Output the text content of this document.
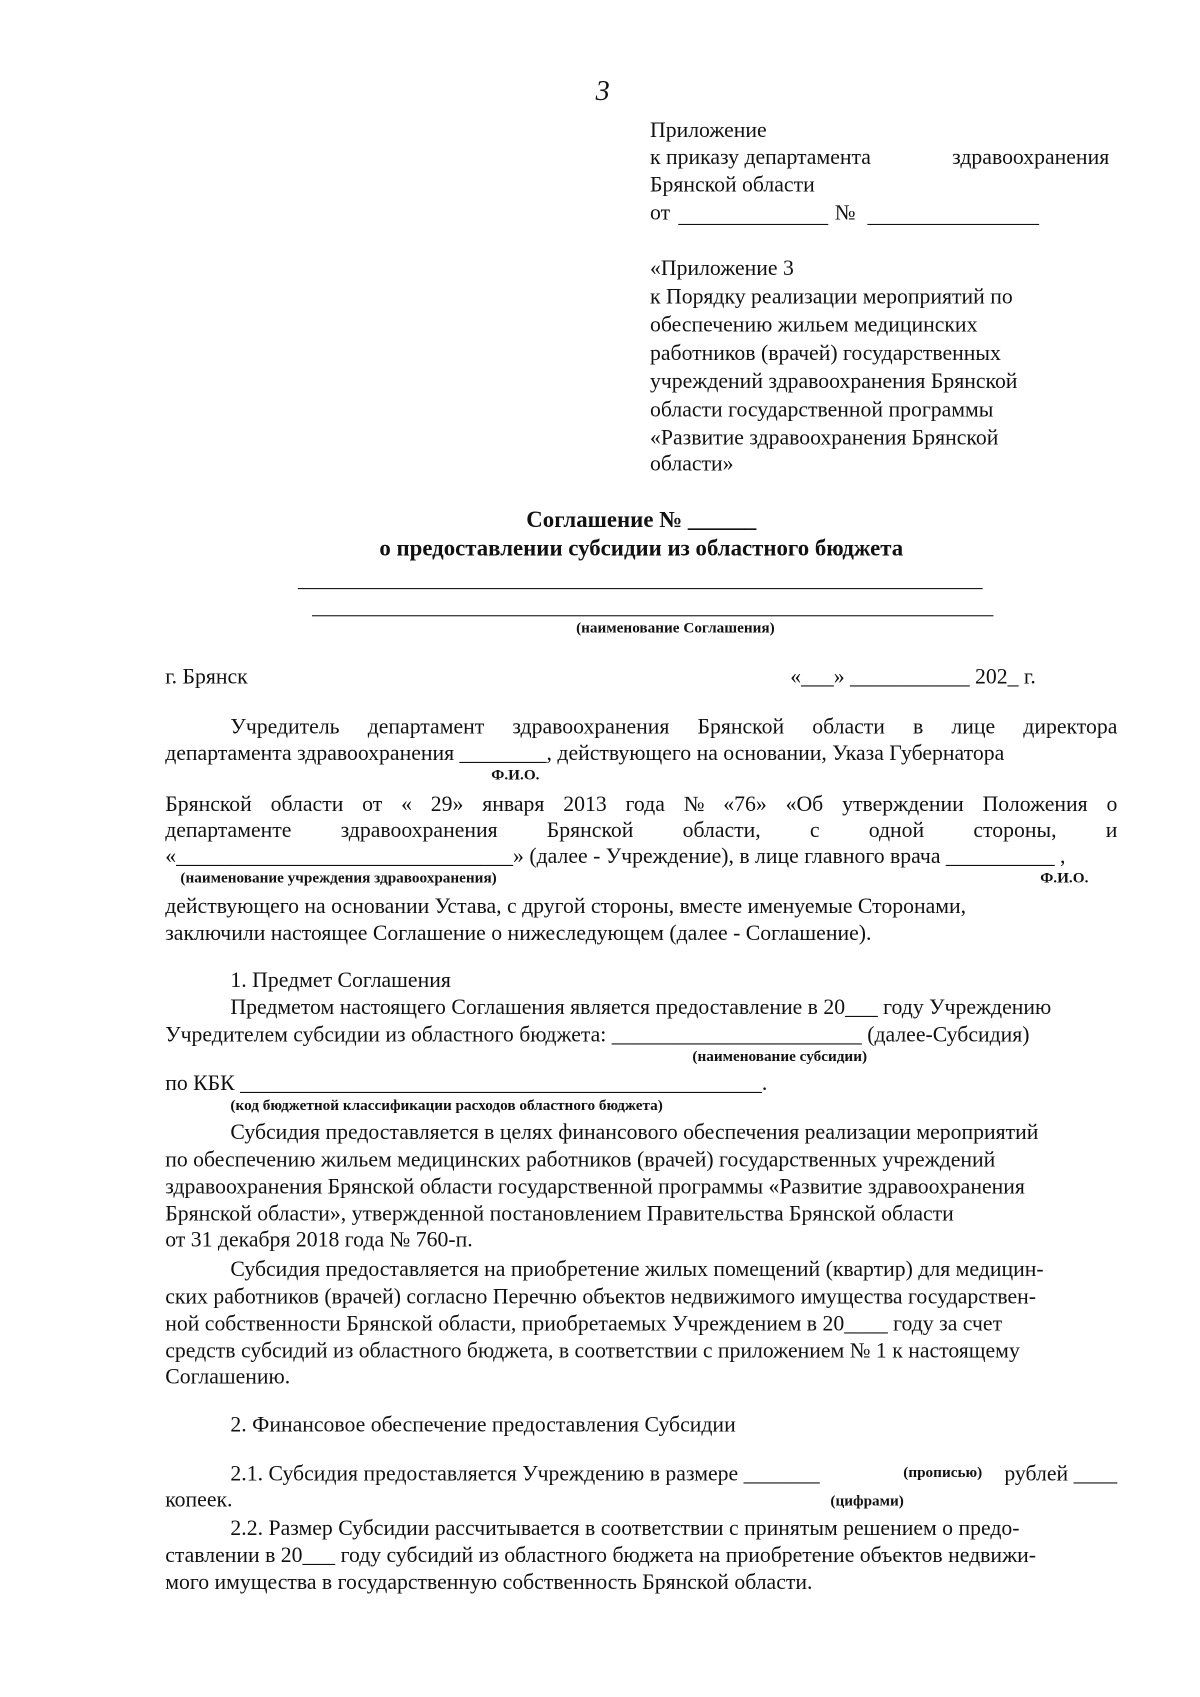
3
Приложение
к приказу департамента	здравоохранения
Брянской области
от	№
«Приложение 3
к Порядку реализации мероприятий по
обеспечению жильем медицинских
работников (врачей) государственных
учреждений здравоохранения Брянской
области государственной программы
«Развитие здравоохранения Брянской
области»
Соглашение № ______
о предоставлении субсидии из областного бюджета
(наименование Соглашения)
г. Брянск	«___» ___________ 202_ г.
Учредитель департамент здравоохранения Брянской области в лице директора
департамента здравоохранения ________, действующего на основании, Указа Губернатора
Ф.И.О.
Брянской области от « 29» января 2013 года № «76» «Об утверждении Положения о
департаменте здравоохранения Брянской области, с одной стороны, и
«_______________________________» (далее - Учреждение), в лице главного врача __________ ,
(наименование учреждения здравоохранения)	Ф.И.О.
действующего на основании Устава, с другой стороны, вместе именуемые Сторонами,
заключили настоящее Соглашение о нижеследующем (далее - Соглашение).
1. Предмет Соглашения
Предметом настоящего Соглашения является предоставление в 20___ году Учреждению
Учредителем субсидии из областного бюджета: _______________________ (далее-Субсидия)
(наименование субсидии)
по КБК ________________________________________________.
(код бюджетной классификации расходов областного бюджета)
Субсидия предоставляется в целях финансового обеспечения реализации мероприятий
по обеспечению жильем медицинских работников (врачей) государственных учреждений
здравоохранения Брянской области государственной программы «Развитие здравоохранения
Брянской области», утвержденной постановлением Правительства Брянской области
от 31 декабря 2018 года № 760-п.
Субсидия предоставляется на приобретение жилых помещений (квартир) для медицин-
ских работников (врачей) согласно Перечню объектов недвижимого имущества государствен-
ной собственности Брянской области, приобретаемых Учреждением в 20____ году за счет
средств субсидий из областного бюджета, в соответствии с приложением № 1 к настоящему
Соглашению.
2. Финансовое обеспечение предоставления Субсидии
2.1. Субсидия предоставляется Учреждению в размере _______	(прописью) рублей ____
копеек.	(цифрами)
2.2. Размер Субсидии рассчитывается в соответствии с принятым решением о предо-
ставлении в 20___ году субсидий из областного бюджета на приобретение объектов недвижи-
мого имущества в государственную собственность Брянской области.
